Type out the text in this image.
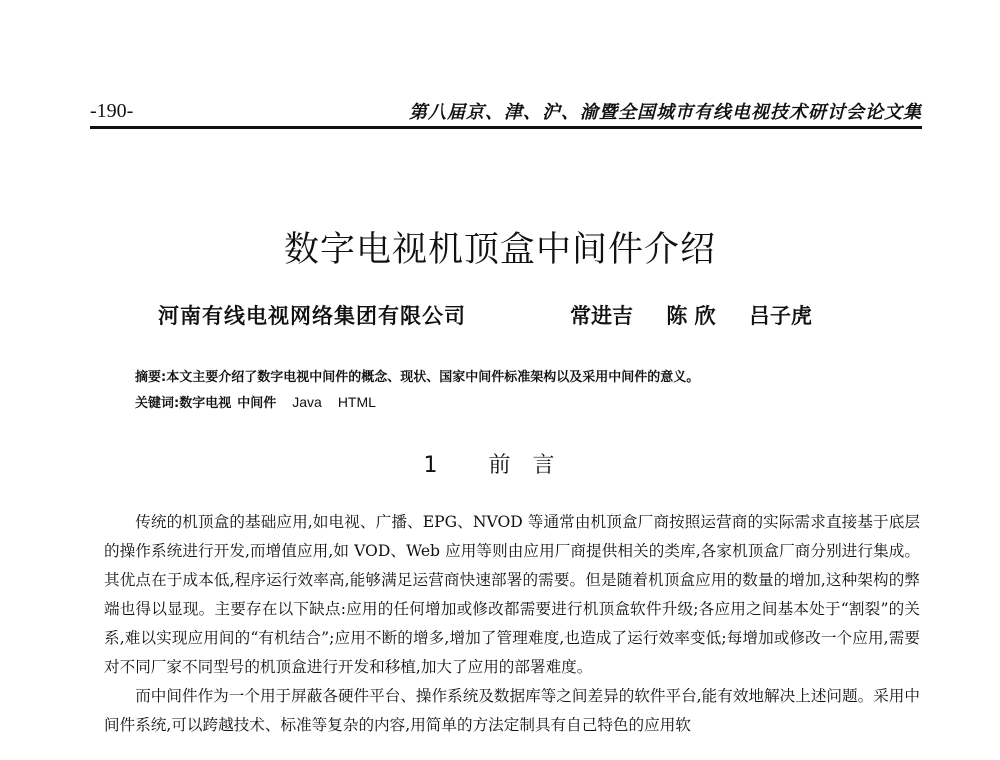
-190-	第八届京、津、沪、渝暨全国城市有线电视技术研讨会论文集
数字电视机顶盒中间件介绍
河南有线电视网络集团有限公司	常进吉 陈 欣 吕子虎
摘要:本文主要介绍了数字电视中间件的概念、现状、国家中间件标准架构以及采用中间件的意义。
关键词:数字电视 中间件 Java HTML
1 前言

传统的机顶盒的基础应用,如电视、广播、EPG、NVOD 等通常由机顶盒厂商按照运营商的实际需求直接基于底层的操作系统进行开发,而增值应用,如 VOD、Web 应用等则由应用厂商提供相关的类库,各家机顶盒厂商分别进行集成。其优点在于成本低,程序运行效率高,能够满足运营商快速部署的需要。但是随着机顶盒应用的数量的增加,这种架构的弊端也得以显现。主要存在以下缺点:应用的任何增加或修改都需要进行机顶盒软件升级;各应用之间基本处于“割裂”的关系,难以实现应用间的“有机结合”;应用不断的增多,增加了管理难度,也造成了运行效率变低;每增加或修改一个应用,需要对不同厂家不同型号的机顶盒进行开发和移植,加大了应用的部署难度。

而中间件作为一个用于屏蔽各硬件平台、操作系统及数据库等之间差异的软件平台,能有效地解决上述问题。采用中间件系统,可以跨越技术、标准等复杂的内容,用简单的方法定制具有自己特色的应用软
